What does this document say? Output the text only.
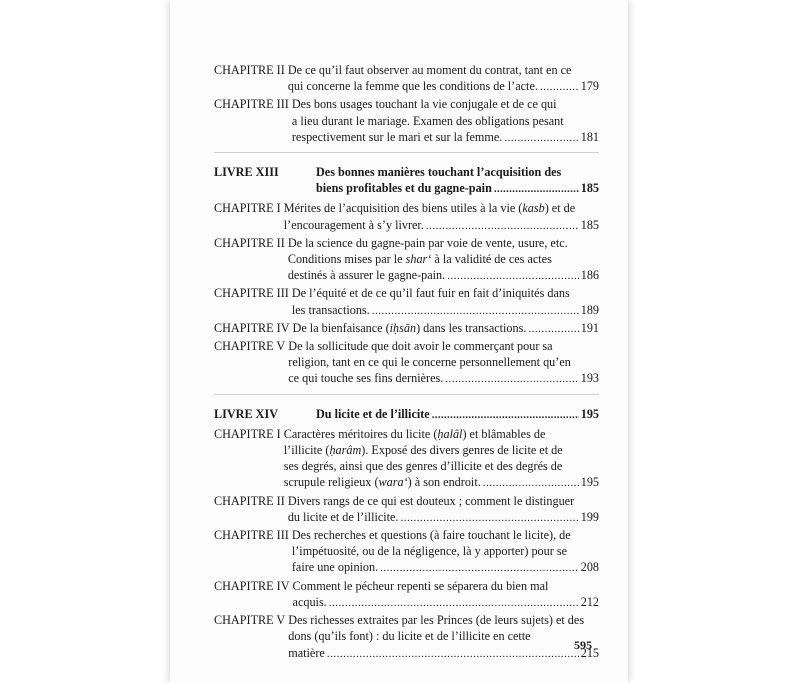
CHAPITRE II
De ce qu’il faut observer au moment du contrat, tant en ce
qui concerne la femme que les conditions de l’acte. .....	179
CHAPITRE III
Des bons usages touchant la vie conjugale et de ce qui
a lieu durant le mariage. Examen des obligations pesant
respectivement sur le mari et sur la femme. .....	181
LIVRE XIII	Des bonnes manières touchant l’acquisition des
biens profitables et du gagne-pain .....	185
CHAPITRE I
Mérites de l’acquisition des biens utiles à la vie (kasb) et de
l’encouragement à s’y livrer. .....	185
CHAPITRE II
De la science du gagne-pain par voie de vente, usure, etc.
Conditions mises par le shar‘ à la validité de ces actes
destinés à assurer le gagne-pain. .....	186
CHAPITRE III
De l’équité et de ce qu’il faut fuir en fait d’iniquités dans
les transactions. .....	189
CHAPITRE IV
De la bienfaisance (iḥsān) dans les transactions. .....	191
CHAPITRE V
De la sollicitude que doit avoir le commerçant pour sa
religion, tant en ce qui le concerne personnellement qu’en
ce qui touche ses fins dernières. .....	193
LIVRE XIV	Du licite et de l’illicite .....	195
CHAPITRE I
Caractères méritoires du licite (ḥalâl) et blâmables de
l’illicite (ḥarâm). Exposé des divers genres de licite et de
ses degrés, ainsi que des genres d’illicite et des degrés de
scrupule religieux (wara‘) à son endroit. .....	195
CHAPITRE II
Divers rangs de ce qui est douteux ; comment le distinguer
du licite et de l’illicite. .....	199
CHAPITRE III
Des recherches et questions (à faire touchant le licite), de
l’impétuosité, ou de la négligence, là y apporter) pour se
faire une opinion. .....	208
CHAPITRE IV
Comment le pécheur repenti se séparera du bien mal
acquis. .....	212
CHAPITRE V
Des richesses extraites par les Princes (de leurs sujets) et des
dons (qu’ils font) : du licite et de l’illicite en cette
matière .....	215
595
